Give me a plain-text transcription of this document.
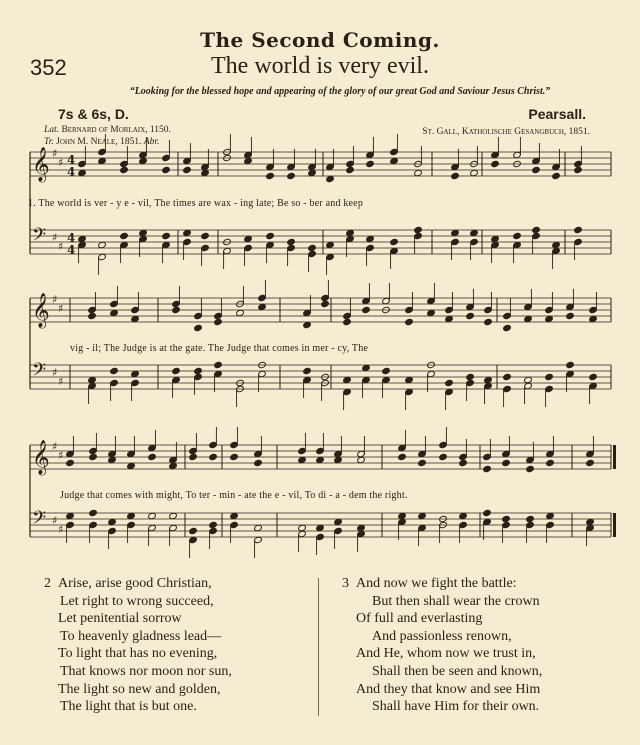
The Second Coming.
352	The world is very evil.
“Looking for the blessed hope and appearing of the glory of our great God and Saviour Jesus Christ.”
7s & 6s, D.	Pearsall.
Lat. Bernard of Morlaix, 1150.
Tr. John M. Neale, 1851. Abr.
St. Gall, Katholische Gesangbuch, 1851.
𝄞 ♯
♯ 4
4
𝄢 ♯
♯
4
4
𝄞 ♯
♯
𝄢 ♯
♯
𝄞 ♯
♯
𝄢 ♯
♯
1. The world is ver - y e - vil, The times are wax - ing late; Be so - ber and keep
vig - il; The Judge is at the gate. The Judge that comes in mer - cy, The
Judge that comes with might, To ter - min - ate the e - vil, To di - a - dem the right.
2 Arise, arise good Christian,
Let right to wrong succeed,
Let penitential sorrow
To heavenly gladness lead—
To light that has no evening,
That knows nor moon nor sun,
The light so new and golden,
The light that is but one.
3 And now we fight the battle:
But then shall wear the crown
Of full and everlasting
And passionless renown,
And He, whom now we trust in,
Shall then be seen and known,
And they that know and see Him
Shall have Him for their own.
